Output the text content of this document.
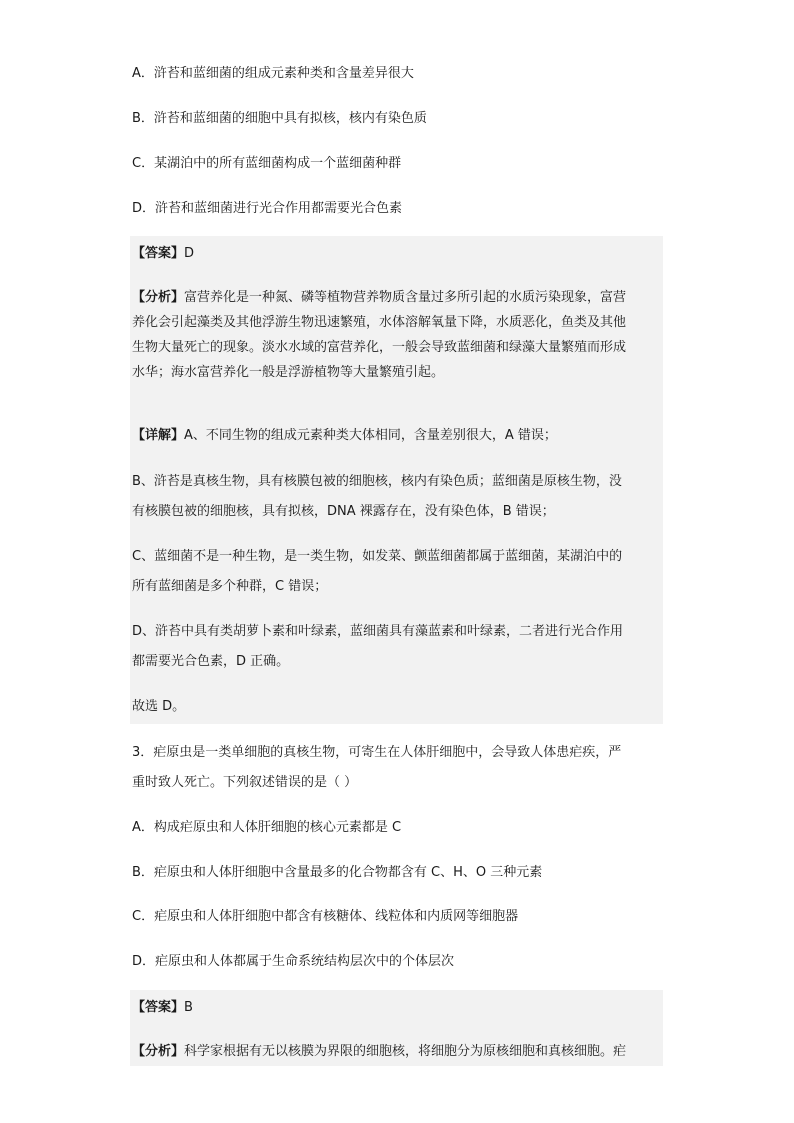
A．浒苔和蓝细菌的组成元素种类和含量差异很大
B．浒苔和蓝细菌的细胞中具有拟核，核内有染色质
C．某湖泊中的所有蓝细菌构成一个蓝细菌种群
D．浒苔和蓝细菌进行光合作用都需要光合色素
【答案】D
【分析】富营养化是一种氮、磷等植物营养物质含量过多所引起的水质污染现象，富营
养化会引起藻类及其他浮游生物迅速繁殖，水体溶解氧量下降，水质恶化，鱼类及其他
生物大量死亡的现象。淡水水域的富营养化，一般会导致蓝细菌和绿藻大量繁殖而形成
水华；海水富营养化一般是浮游植物等大量繁殖引起。
【详解】A、不同生物的组成元素种类大体相同，含量差别很大，A 错误；
B、浒苔是真核生物，具有核膜包被的细胞核，核内有染色质；蓝细菌是原核生物，没
有核膜包被的细胞核，具有拟核，DNA 裸露存在，没有染色体，B 错误；
C、蓝细菌不是一种生物，是一类生物，如发菜、颤蓝细菌都属于蓝细菌，某湖泊中的
所有蓝细菌是多个种群，C 错误；
D、浒苔中具有类胡萝卜素和叶绿素，蓝细菌具有藻蓝素和叶绿素，二者进行光合作用
都需要光合色素，D 正确。
故选 D。
3．疟原虫是一类单细胞的真核生物，可寄生在人体肝细胞中，会导致人体患疟疾，严
重时致人死亡。下列叙述错误的是（ ）
A．构成疟原虫和人体肝细胞的核心元素都是 C
B．疟原虫和人体肝细胞中含量最多的化合物都含有 C、H、O 三种元素
C．疟原虫和人体肝细胞中都含有核糖体、线粒体和内质网等细胞器
D．疟原虫和人体都属于生命系统结构层次中的个体层次
【答案】B
【分析】科学家根据有无以核膜为界限的细胞核，将细胞分为原核细胞和真核细胞。疟
